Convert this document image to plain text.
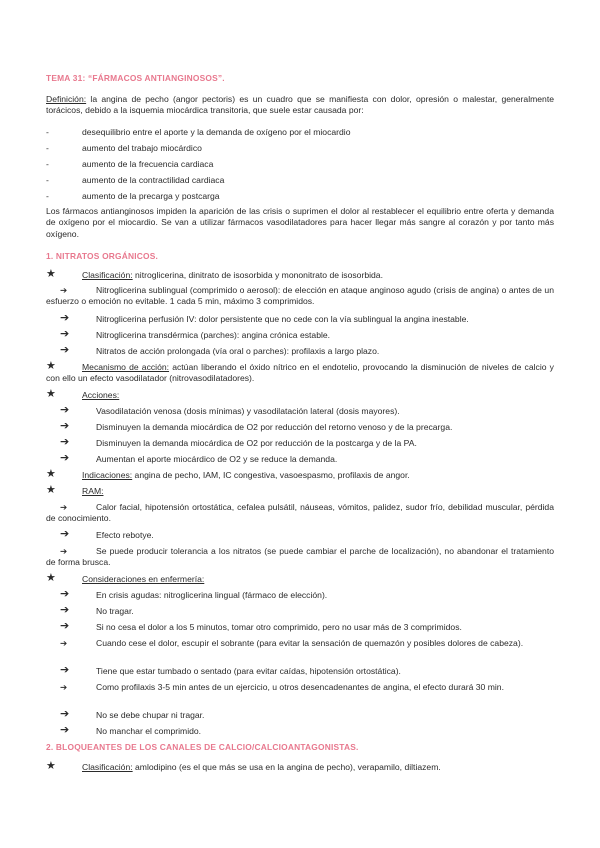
TEMA 31: “FÁRMACOS ANTIANGINOSOS”.
Definición: la angina de pecho (angor pectoris) es un cuadro que se manifiesta con dolor, opresión o malestar, generalmente torácicos, debido a la isquemia miocárdica transitoria, que suele estar causada por:
-	desequilibrio entre el aporte y la demanda de oxígeno por el miocardio
-	aumento del trabajo miocárdico
-	aumento de la frecuencia cardiaca
-	aumento de la contractilidad cardiaca
-	aumento de la precarga y postcarga
Los fármacos antianginosos impiden la aparición de las crisis o suprimen el dolor al restablecer el equilibrio entre oferta y demanda de oxígeno por el miocardio. Se van a utilizar fármacos vasodilatadores para hacer llegar más sangre al corazón y por tanto más oxígeno.
1. NITRATOS ORGÁNICOS.
★	Clasificación: nitroglicerina, dinitrato de isosorbida y mononitrato de isosorbida.
➔	Nitroglicerina sublingual (comprimido o aerosol): de elección en ataque anginoso agudo (crisis de angina) o antes de un esfuerzo o emoción no evitable. 1 cada 5 min, máximo 3 comprimidos.
➔	Nitroglicerina perfusión IV: dolor persistente que no cede con la vía sublingual la angina inestable.
➔	Nitroglicerina transdérmica (parches): angina crónica estable.
➔	Nitratos de acción prolongada (vía oral o parches): profilaxis a largo plazo.
★	Mecanismo de acción: actúan liberando el óxido nítrico en el endotelio, provocando la disminución de niveles de calcio y con ello un efecto vasodilatador (nitrovasodilatadores).
★	Acciones:
➔	Vasodilatación venosa (dosis mínimas) y vasodilatación lateral (dosis mayores).
➔	Disminuyen la demanda miocárdica de O2 por reducción del retorno venoso y de la precarga.
➔	Disminuyen la demanda miocárdica de O2 por reducción de la postcarga y de la PA.
➔	Aumentan el aporte miocárdico de O2 y se reduce la demanda.
★	Indicaciones: angina de pecho, IAM, IC congestiva, vasoespasmo, profilaxis de angor.
★	RAM:
➔	Calor facial, hipotensión ortostática, cefalea pulsátil, náuseas, vómitos, palidez, sudor frío, debilidad muscular, pérdida de conocimiento.
➔	Efecto rebotye.
➔	Se puede producir tolerancia a los nitratos (se puede cambiar el parche de localización), no abandonar el tratamiento de forma brusca.
★	Consideraciones en enfermería:
➔	En crisis agudas: nitroglicerina lingual (fármaco de elección).
➔	No tragar.
➔	Si no cesa el dolor a los 5 minutos, tomar otro comprimido, pero no usar más de 3 comprimidos.
➔	Cuando cese el dolor, escupir el sobrante (para evitar la sensación de quemazón y posibles dolores de cabeza).
➔	Tiene que estar tumbado o sentado (para evitar caídas, hipotensión ortostática).
➔	Como profilaxis 3-5 min antes de un ejercicio, u otros desencadenantes de angina, el efecto durará 30 min.
➔	No se debe chupar ni tragar.
➔	No manchar el comprimido.
2. BLOQUEANTES DE LOS CANALES DE CALCIO/CALCIOANTAGONISTAS.
★	Clasificación: amlodipino (es el que más se usa en la angina de pecho), verapamilo, diltiazem.
